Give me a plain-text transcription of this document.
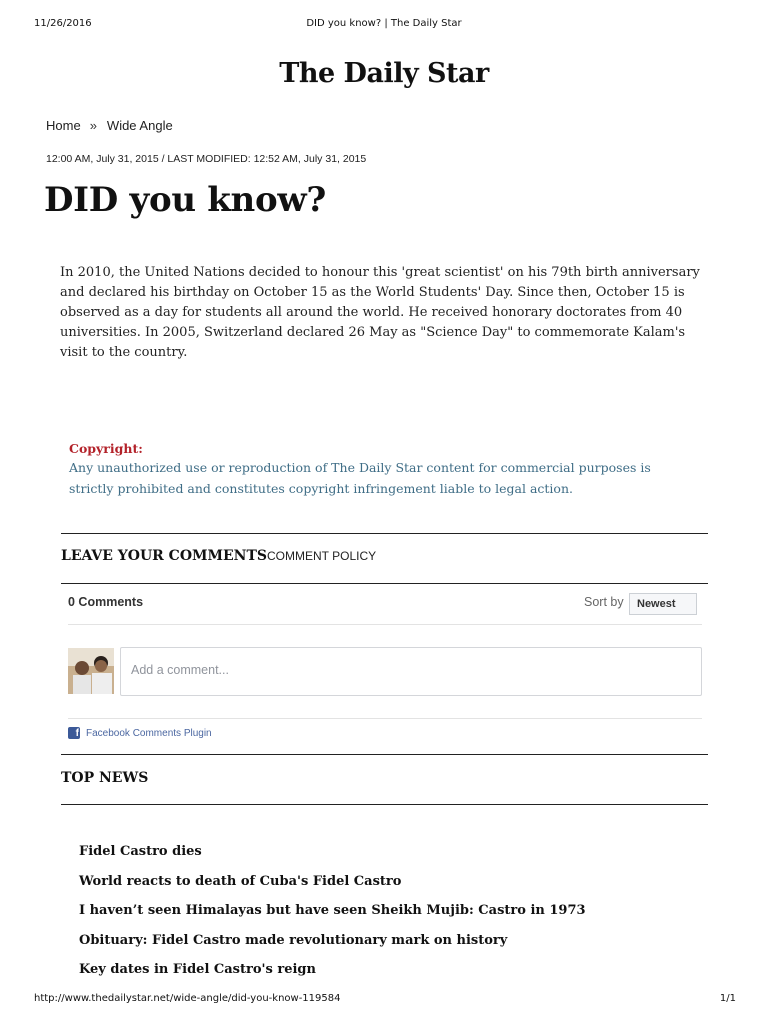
11/26/2016	DID you know? | The Daily Star
The Daily Star
Home » Wide Angle
12:00 AM, July 31, 2015 / LAST MODIFIED: 12:52 AM, July 31, 2015
DID you know?

In 2010, the United Nations decided to honour this 'great scientist' on his 79th birth anniversary and declared his birthday on October 15 as the World Students' Day. Since then, October 15 is observed as a day for students all around the world. He received honorary doctorates from 40 universities. In 2005, Switzerland declared 26 May as "Science Day" to commemorate Kalam's visit to the country.

Copyright:
Any unauthorized use or reproduction of The Daily Star content for commercial purposes is strictly prohibited and constitutes copyright infringement liable to legal action.
LEAVE YOUR COMMENTS COMMENT POLICY
0 Comments	Sort by	Newest
Add a comment...
f Facebook Comments Plugin
TOP NEWS
Fidel Castro dies
World reacts to death of Cuba's Fidel Castro
I haven’t seen Himalayas but have seen Sheikh Mujib: Castro in 1973
Obituary: Fidel Castro made revolutionary mark on history
Key dates in Fidel Castro's reign
http://www.thedailystar.net/wide-angle/did-you-know-119584	1/1
